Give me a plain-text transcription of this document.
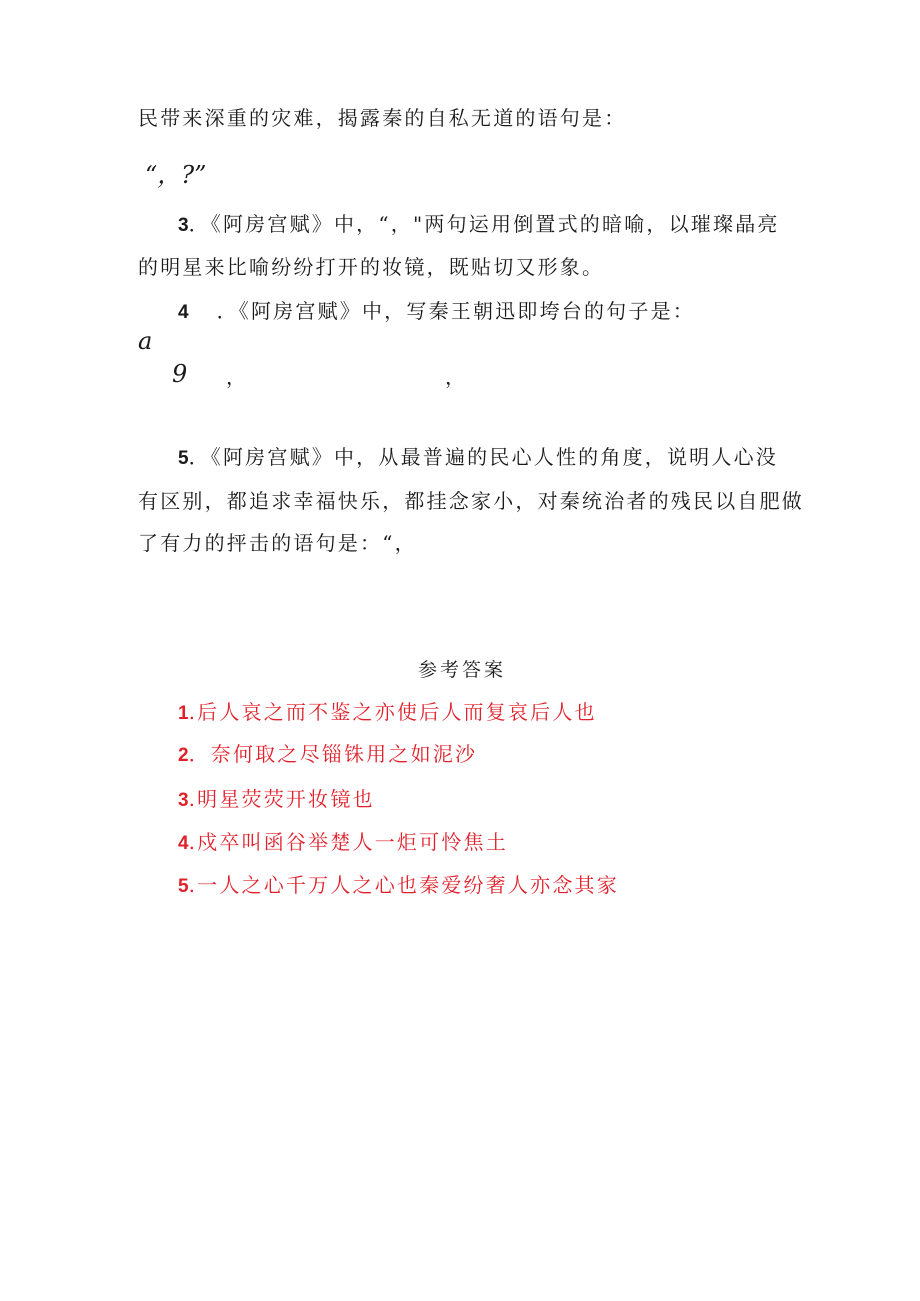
民带来深重的灾难，揭露秦的自私无道的语句是：
“，?”
3．《阿房宫赋》中，“，"两句运用倒置式的暗喻，以璀璨晶亮
的明星来比喻纷纷打开的妆镜，既贴切又形象。
4 ．《阿房宫赋》中，写秦王朝迅即垮台的句子是：
a
9 ，	，
5．《阿房宫赋》中，从最普遍的民心人性的角度，说明人心没
有区别，都追求幸福快乐，都挂念家小，对秦统治者的残民以自肥做
了有力的抨击的语句是：“，
参考答案
1.后人哀之而不鉴之亦使后人而复哀后人也
2．奈何取之尽锱铢用之如泥沙
3.明星荧荧开妆镜也
4.戍卒叫函谷举楚人一炬可怜焦土
5.一人之心千万人之心也秦爱纷奢人亦念其家
